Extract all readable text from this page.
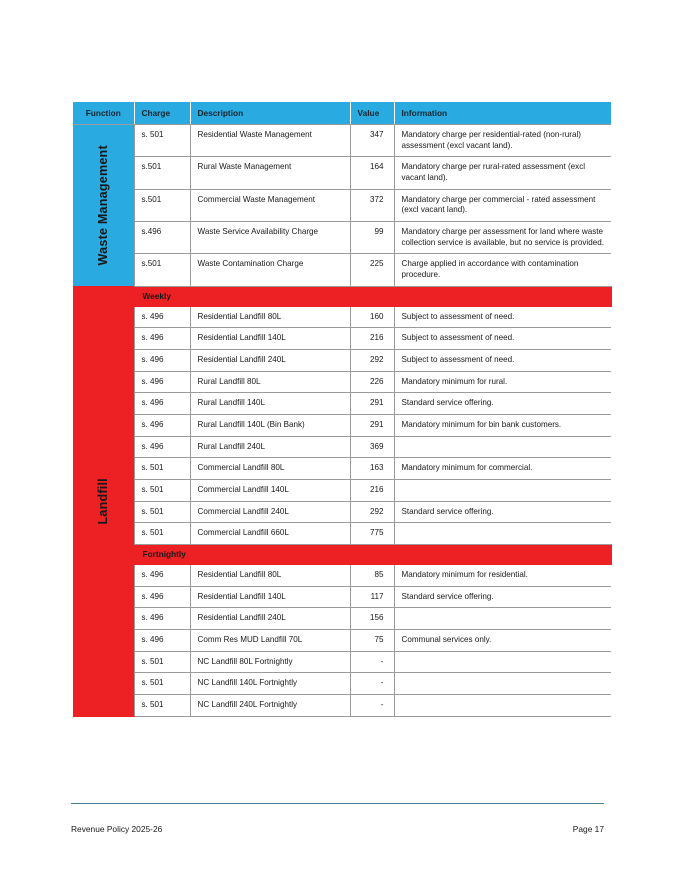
Function	Charge	Description	Value	Information

Waste Management	s. 501	Residential Waste Management	347	Mandatory charge per residential-rated (non-rural) assessment (excl vacant land).
	s.501	Rural Waste Management	164	Mandatory charge per rural-rated assessment (excl vacant land).
	s.501	Commercial Waste Management	372	Mandatory charge per commercial - rated assessment (excl vacant land).
	s.496	Waste Service Availability Charge	99	Mandatory charge per assessment for land where waste collection service is available, but no service is provided.
	s.501	Waste Contamination Charge	225	Charge applied in accordance with contamination procedure.

Landfill	Weekly			
	s. 496	Residential Landfill 80L	160	Subject to assessment of need.
	s. 496	Residential Landfill 140L	216	Subject to assessment of need.
	s. 496	Residential Landfill 240L	292	Subject to assessment of need.
	s. 496	Rural Landfill 80L	226	Mandatory minimum for rural.
	s. 496	Rural Landfill 140L	291	Standard service offering.
	s. 496	Rural Landfill 140L (Bin Bank)	291	Mandatory minimum for bin bank customers.
	s. 496	Rural Landfill 240L	369	
	s. 501	Commercial Landfill 80L	163	Mandatory minimum for commercial.
	s. 501	Commercial Landfill 140L	216	
	s. 501	Commercial Landfill 240L	292	Standard service offering.
	s. 501	Commercial Landfill 660L	775	
	Fortnightly			
	s. 496	Residential Landfill 80L	85	Mandatory minimum for residential.
	s. 496	Residential Landfill 140L	117	Standard service offering.
	s. 496	Residential Landfill 240L	156	
	s. 496	Comm Res MUD Landfill 70L	75	Communal services only.
	s. 501	NC Landfill 80L Fortnightly	-	
	s. 501	NC Landfill 140L Fortnightly	-	
	s. 501	NC Landfill 240L Fortnightly	-	
Revenue Policy 2025-26	Page 17
